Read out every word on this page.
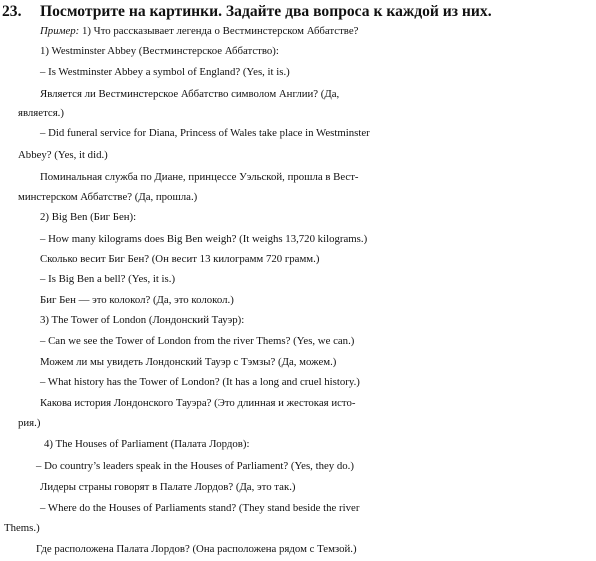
23. Посмотрите на картинки. Задайте два вопроса к каждой из них.
Пример: 1) Что рассказывает легенда о Вестминстерском Аббатстве?
1) Westminster Abbey (Вестминстерское Аббатство):
– Is Westminster Abbey a symbol of England? (Yes, it is.)
Является ли Вестминстерское Аббатство символом Англии? (Да,
является.)
– Did funeral service for Diana, Princess of Wales take place in Westminster
Abbey? (Yes, it did.)
Поминальная служба по Диане, принцессе Уэльской, прошла в Вест-
минстерском Аббатстве? (Да, прошла.)
2) Big Ben (Биг Бен):
– How many kilograms does Big Ben weigh? (It weighs 13,720 kilograms.)
Сколько весит Биг Бен? (Он весит 13 килограмм 720 грамм.)
– Is Big Ben a bell? (Yes, it is.)
Биг Бен — это колокол? (Да, это колокол.)
3) The Tower of London (Лондонский Тауэр):
– Can we see the Tower of London from the river Thems? (Yes, we can.)
Можем ли мы увидеть Лондонский Тауэр с Тэмзы? (Да, можем.)
– What history has the Tower of London? (It has a long and cruel history.)
Какова история Лондонского Тауэра? (Это длинная и жестокая исто-
рия.)
4) The Houses of Parliament (Палата Лордов):
– Do country’s leaders speak in the Houses of Parliament? (Yes, they do.)
Лидеры страны говорят в Палате Лордов? (Да, это так.)
– Where do the Houses of Parliaments stand? (They stand beside the river
Thems.)
Где расположена Палата Лордов? (Она расположена рядом с Темзой.)
